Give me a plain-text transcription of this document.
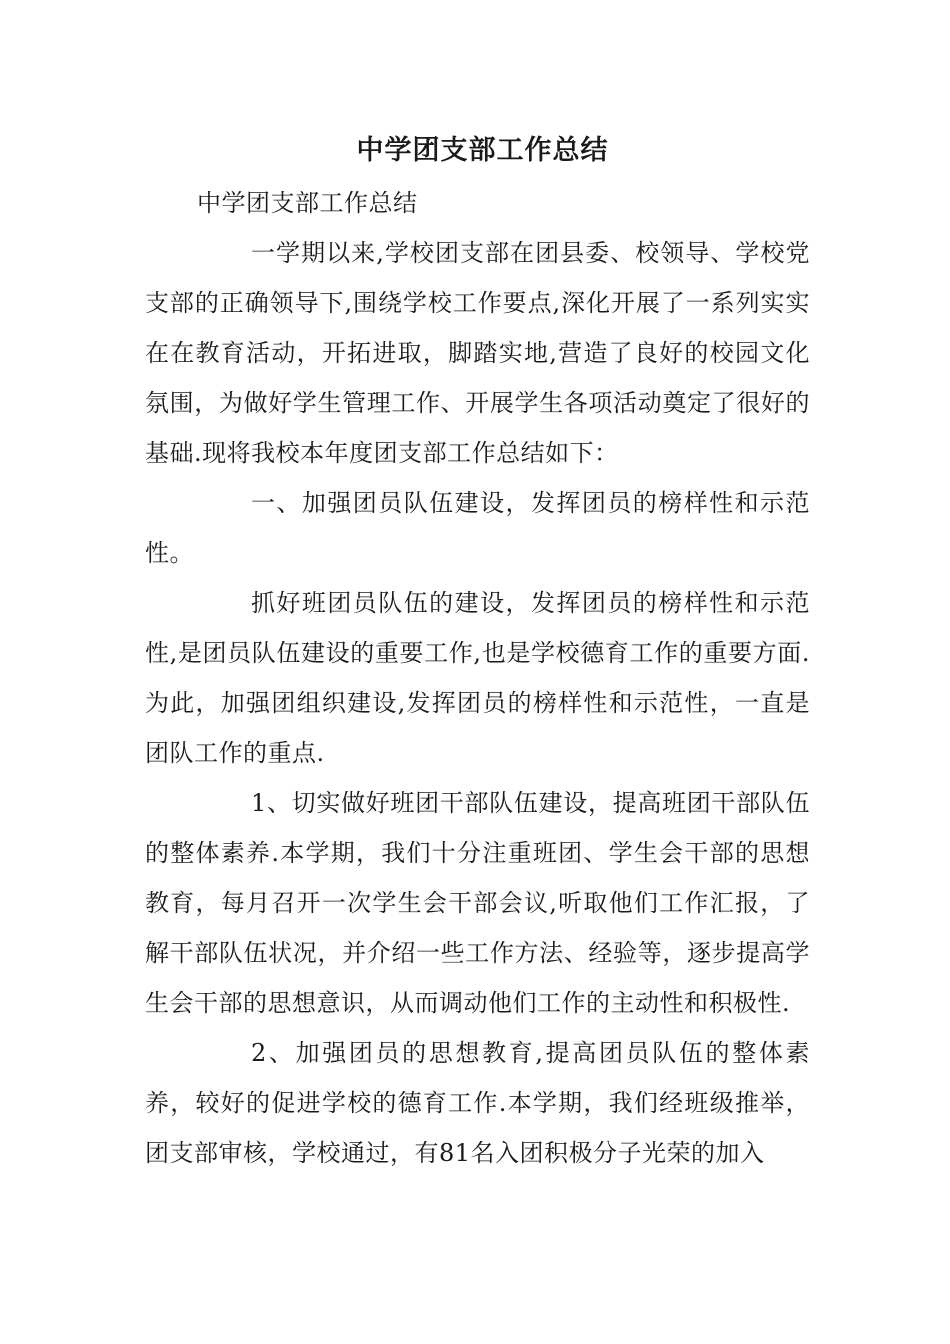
中学团支部工作总结

中学团支部工作总结

一学期以来,学校团支部在团县委、校领导、学校党支部的正确领导下,围绕学校工作要点,深化开展了一系列实实在在教育活动，开拓进取，脚踏实地,营造了良好的校园文化氛围，为做好学生管理工作、开展学生各项活动奠定了很好的基础.现将我校本年度团支部工作总结如下：

一、加强团员队伍建设，发挥团员的榜样性和示范性。

抓好班团员队伍的建设，发挥团员的榜样性和示范性,是团员队伍建设的重要工作,也是学校德育工作的重要方面.为此，加强团组织建设,发挥团员的榜样性和示范性，一直是团队工作的重点.

1、切实做好班团干部队伍建设，提高班团干部队伍的整体素养.本学期，我们十分注重班团、学生会干部的思想教育，每月召开一次学生会干部会议,听取他们工作汇报，了解干部队伍状况，并介绍一些工作方法、经验等，逐步提高学生会干部的思想意识，从而调动他们工作的主动性和积极性.

2、加强团员的思想教育,提高团员队伍的整体素养，较好的促进学校的德育工作.本学期，我们经班级推举，团支部审核，学校通过，有81名入团积极分子光荣的加入
